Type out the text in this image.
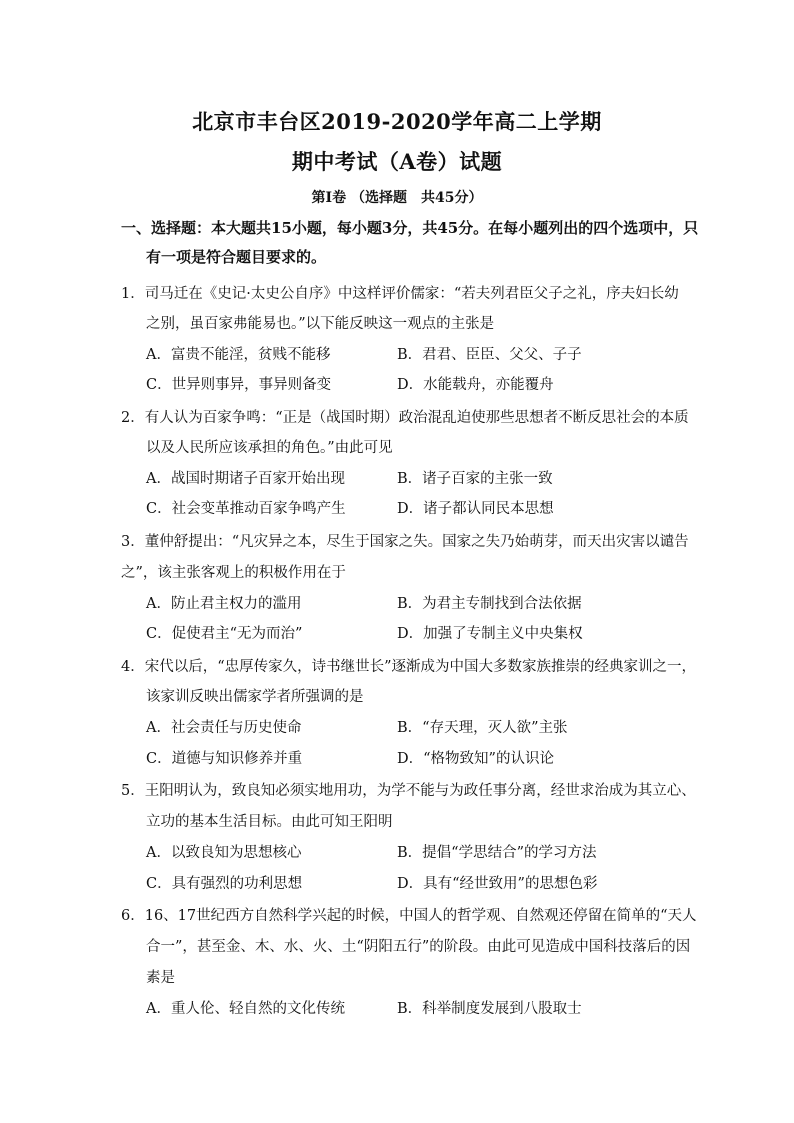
北京市丰台区2019-2020学年高二上学期
期中考试（A卷）试题
第Ⅰ卷 （选择题　共45分）
一、选择题：本大题共15小题，每小题3分，共45分。在每小题列出的四个选项中，只
有一项是符合题目要求的。
1．司马迁在《史记·太史公自序》中这样评价儒家：“若夫列君臣父子之礼，序夫妇长幼
之别，虽百家弗能易也。”以下能反映这一观点的主张是
A．富贵不能淫，贫贱不能移	B．君君、臣臣、父父、子子
C．世异则事异，事异则备变	D．水能载舟，亦能覆舟
2．有人认为百家争鸣：“正是（战国时期）政治混乱迫使那些思想者不断反思社会的本质
以及人民所应该承担的角色。”由此可见
A．战国时期诸子百家开始出现	B．诸子百家的主张一致
C．社会变革推动百家争鸣产生	D．诸子都认同民本思想
3．董仲舒提出：“凡灾异之本，尽生于国家之失。国家之失乃始萌芽，而天出灾害以谴告
之”，该主张客观上的积极作用在于
A．防止君主权力的滥用	B．为君主专制找到合法依据
C．促使君主“无为而治”	D．加强了专制主义中央集权
4．宋代以后，“忠厚传家久，诗书继世长”逐渐成为中国大多数家族推崇的经典家训之一，
该家训反映出儒家学者所强调的是
A．社会责任与历史使命	B．“存天理，灭人欲”主张
C．道德与知识修养并重	D．“格物致知”的认识论
5．王阳明认为，致良知必须实地用功，为学不能与为政任事分离，经世求治成为其立心、
立功的基本生活目标。由此可知王阳明
A．以致良知为思想核心	B．提倡“学思结合”的学习方法
C．具有强烈的功利思想	D．具有“经世致用”的思想色彩
6．16、17世纪西方自然科学兴起的时候，中国人的哲学观、自然观还停留在简单的“天人
合一”，甚至金、木、水、火、土“阴阳五行”的阶段。由此可见造成中国科技落后的因
素是
A．重人伦、轻自然的文化传统	B．科举制度发展到八股取士
